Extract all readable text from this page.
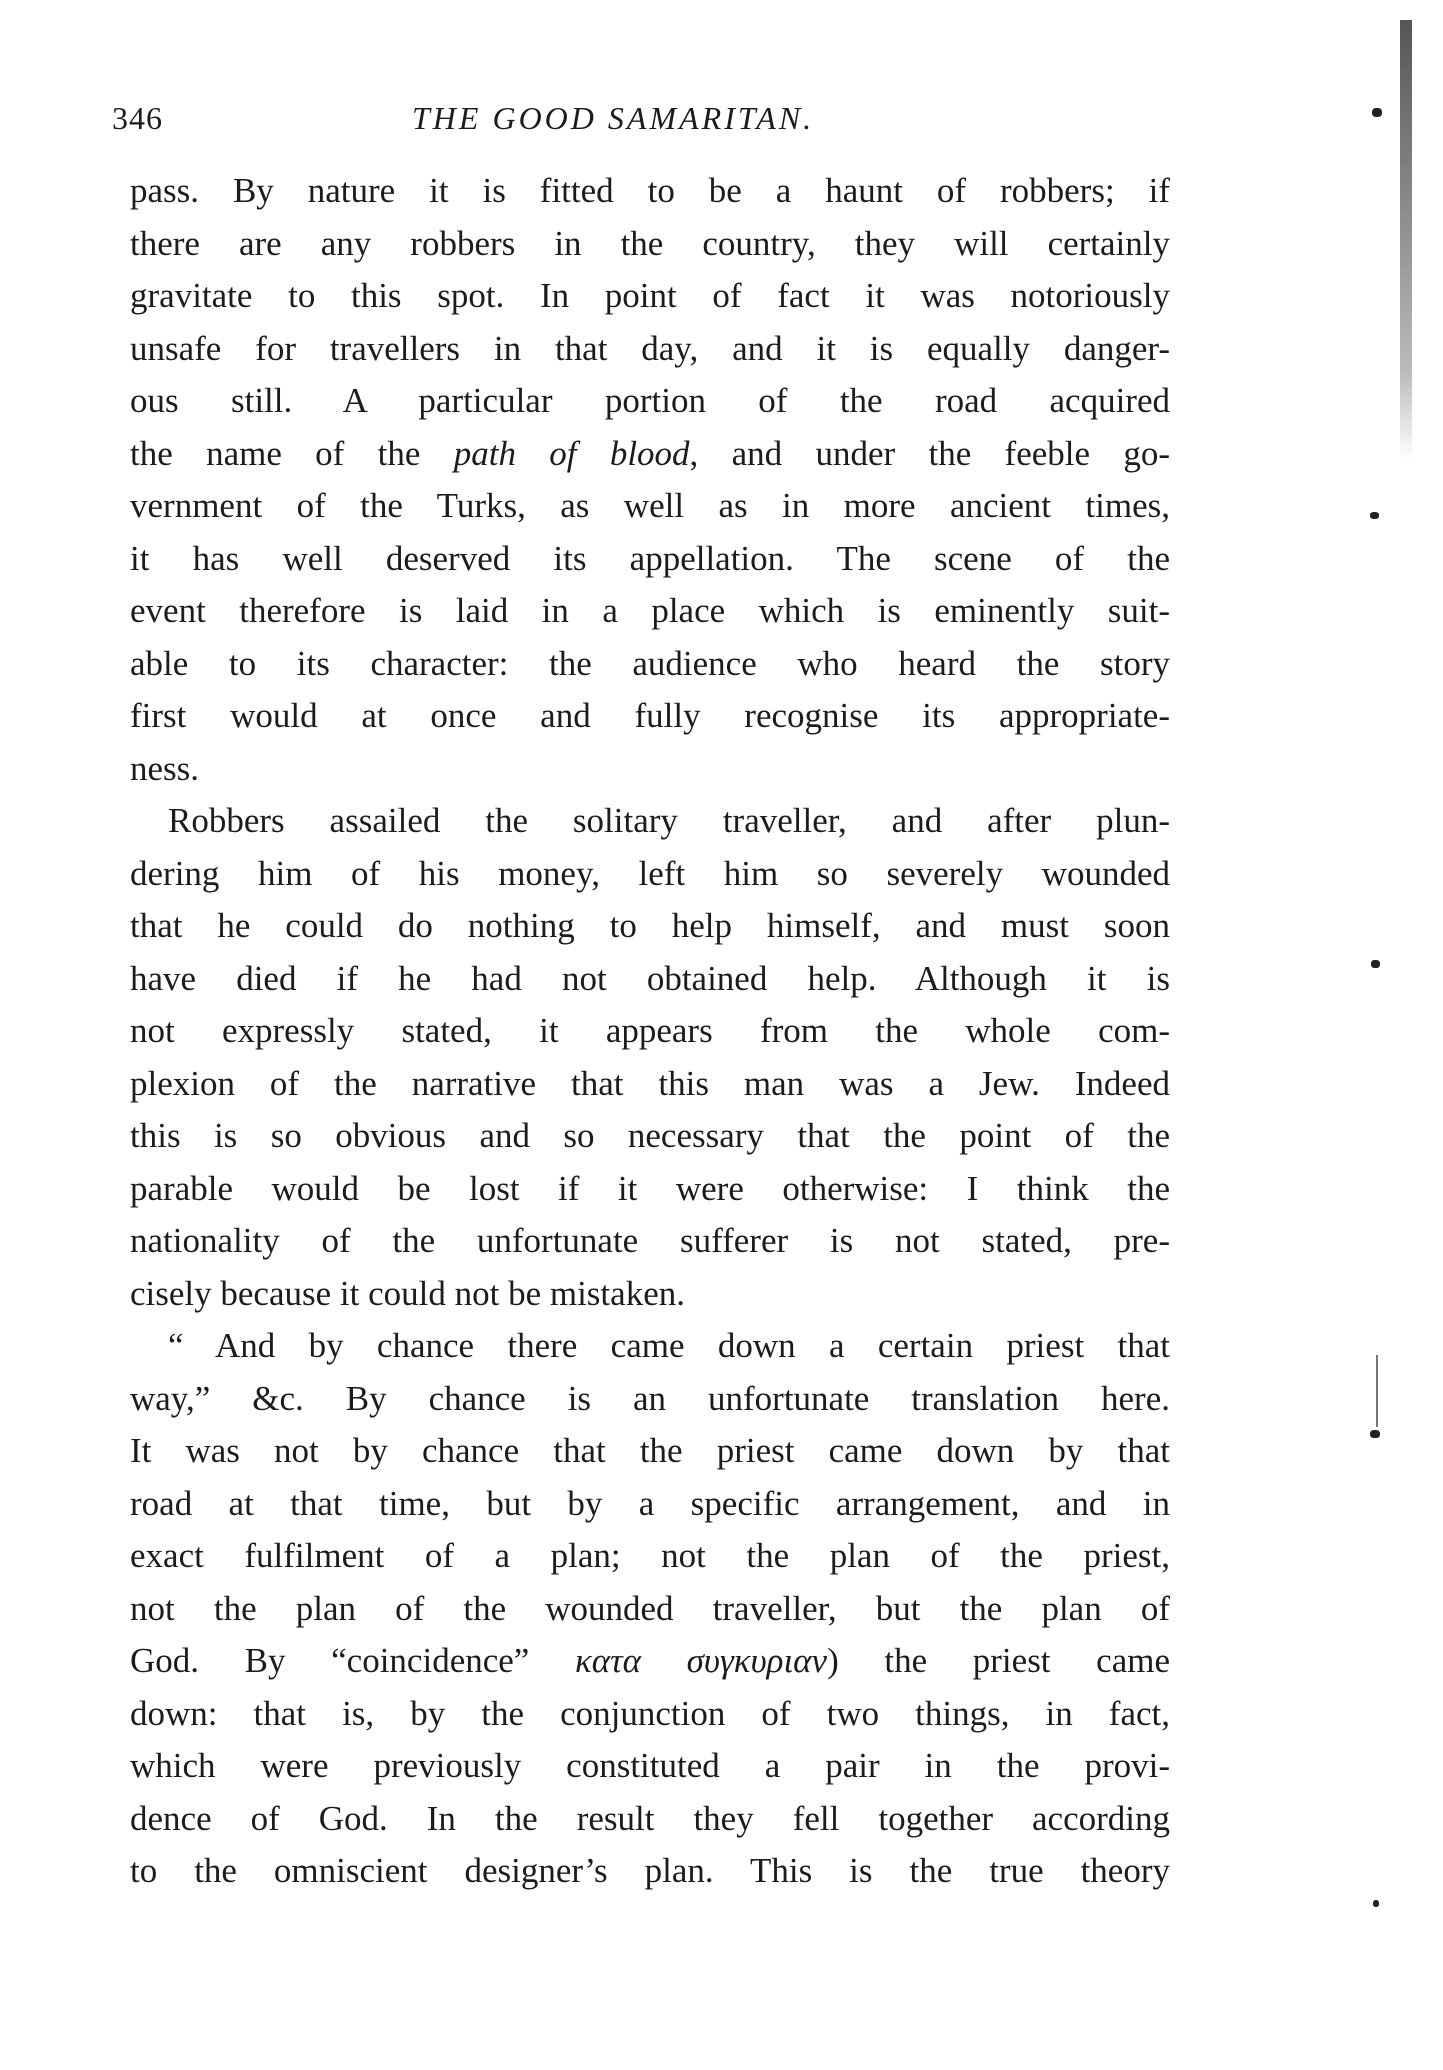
346	THE GOOD SAMARITAN.
pass. By nature it is fitted to be a haunt of robbers; if
there are any robbers in the country, they will certainly
gravitate to this spot. In point of fact it was notoriously
unsafe for travellers in that day, and it is equally danger-
ous still. A particular portion of the road acquired
the name of the path of blood, and under the feeble go-
vernment of the Turks, as well as in more ancient times,
it has well deserved its appellation. The scene of the
event therefore is laid in a place which is eminently suit-
able to its character: the audience who heard the story
first would at once and fully recognise its appropriate-
ness.
Robbers assailed the solitary traveller, and after plun-
dering him of his money, left him so severely wounded
that he could do nothing to help himself, and must soon
have died if he had not obtained help. Although it is
not expressly stated, it appears from the whole com-
plexion of the narrative that this man was a Jew. Indeed
this is so obvious and so necessary that the point of the
parable would be lost if it were otherwise: I think the
nationality of the unfortunate sufferer is not stated, pre-
cisely because it could not be mistaken.
“ And by chance there came down a certain priest that
way,” &c. By chance is an unfortunate translation here.
It was not by chance that the priest came down by that
road at that time, but by a specific arrangement, and in
exact fulfilment of a plan; not the plan of the priest,
not the plan of the wounded traveller, but the plan of
God. By “coincidence” κατα συγκυριαν) the priest came
down: that is, by the conjunction of two things, in fact,
which were previously constituted a pair in the provi-
dence of God. In the result they fell together according
to the omniscient designer’s plan. This is the true theory
